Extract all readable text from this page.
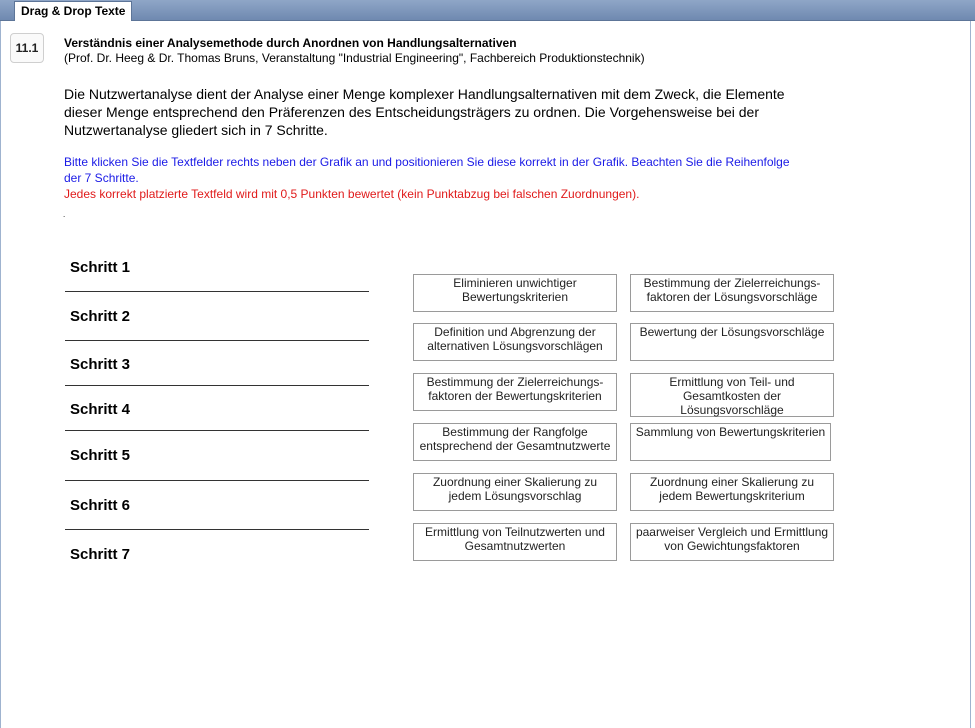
Drag & Drop Texte
11.1	Verständnis einer Analysemethode durch Anordnen von Handlungsalternativen
(Prof. Dr. Heeg & Dr. Thomas Bruns, Veranstaltung "Industrial Engineering", Fachbereich Produktionstechnik)
Die Nutzwertanalyse dient der Analyse einer Menge komplexer Handlungsalternativen mit dem Zweck, die Elemente dieser Menge entsprechend den Präferenzen des Entscheidungsträgers zu ordnen. Die Vorgehensweise bei der Nutzwertanalyse gliedert sich in 7 Schritte.
Bitte klicken Sie die Textfelder rechts neben der Grafik an und positionieren Sie diese korrekt in der Grafik. Beachten Sie die Reihenfolge der 7 Schritte.
Jedes korrekt platzierte Textfeld wird mit 0,5 Punkten bewertet (kein Punktabzug bei falschen Zuordnungen).
.
Schritt 1
Schritt 2
Schritt 3
Schritt 4
Schritt 5
Schritt 6
Schritt 7
Eliminieren unwichtiger Bewertungskriterien
Bestimmung der Zielerreichungs-faktoren der Lösungsvorschläge
Definition und Abgrenzung der alternativen Lösungsvorschlägen
Bewertung der Lösungsvorschläge
Bestimmung der Zielerreichungs-faktoren der Bewertungskriterien
Ermittlung von Teil- und Gesamtkosten der Lösungsvorschläge
Bestimmung der Rangfolge entsprechend der Gesamtnutzwerte
Sammlung von Bewertungskriterien
Zuordnung einer Skalierung zu jedem Lösungsvorschlag
Zuordnung einer Skalierung zu jedem Bewertungskriterium
Ermittlung von Teilnutzwerten und Gesamtnutzwerten
paarweiser Vergleich und Ermittlung von Gewichtungsfaktoren
